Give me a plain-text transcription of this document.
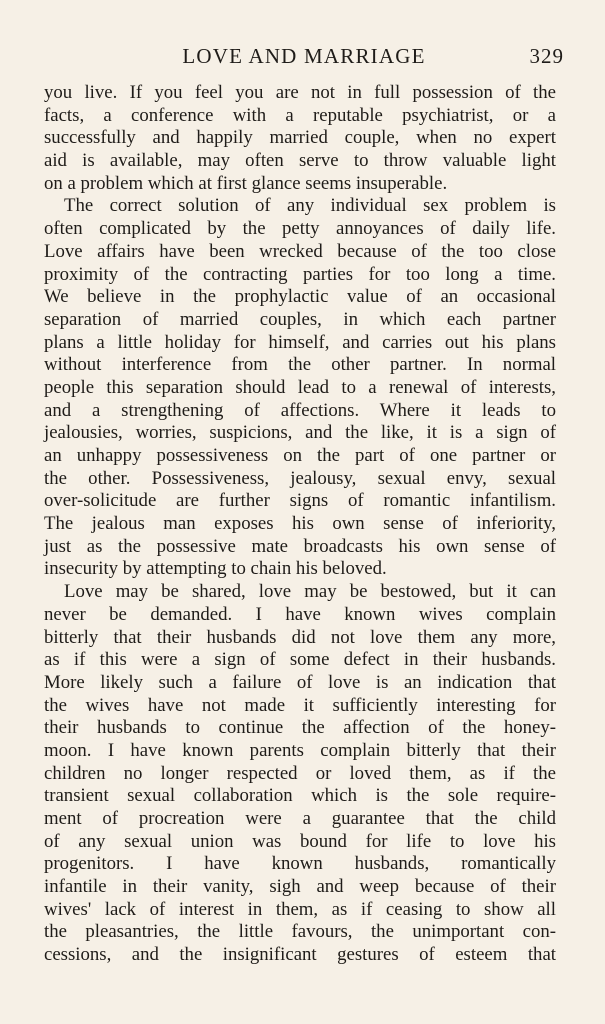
LOVE AND MARRIAGE	329
you live. If you feel you are not in full possession of the
facts, a conference with a reputable psychiatrist, or a
successfully and happily married couple, when no expert
aid is available, may often serve to throw valuable light
on a problem which at first glance seems insuperable.
The correct solution of any individual sex problem is
often complicated by the petty annoyances of daily life.
Love affairs have been wrecked because of the too close
proximity of the contracting parties for too long a time.
We believe in the prophylactic value of an occasional
separation of married couples, in which each partner
plans a little holiday for himself, and carries out his plans
without interference from the other partner. In normal
people this separation should lead to a renewal of interests,
and a strengthening of affections. Where it leads to
jealousies, worries, suspicions, and the like, it is a sign of
an unhappy possessiveness on the part of one partner or
the other. Possessiveness, jealousy, sexual envy, sexual
over-solicitude are further signs of romantic infantilism.
The jealous man exposes his own sense of inferiority,
just as the possessive mate broadcasts his own sense of
insecurity by attempting to chain his beloved.
Love may be shared, love may be bestowed, but it can
never be demanded. I have known wives complain
bitterly that their husbands did not love them any more,
as if this were a sign of some defect in their husbands.
More likely such a failure of love is an indication that
the wives have not made it sufficiently interesting for
their husbands to continue the affection of the honey-
moon. I have known parents complain bitterly that their
children no longer respected or loved them, as if the
transient sexual collaboration which is the sole require-
ment of procreation were a guarantee that the child
of any sexual union was bound for life to love his
progenitors. I have known husbands, romantically
infantile in their vanity, sigh and weep because of their
wives' lack of interest in them, as if ceasing to show all
the pleasantries, the little favours, the unimportant con-
cessions, and the insignificant gestures of esteem that
